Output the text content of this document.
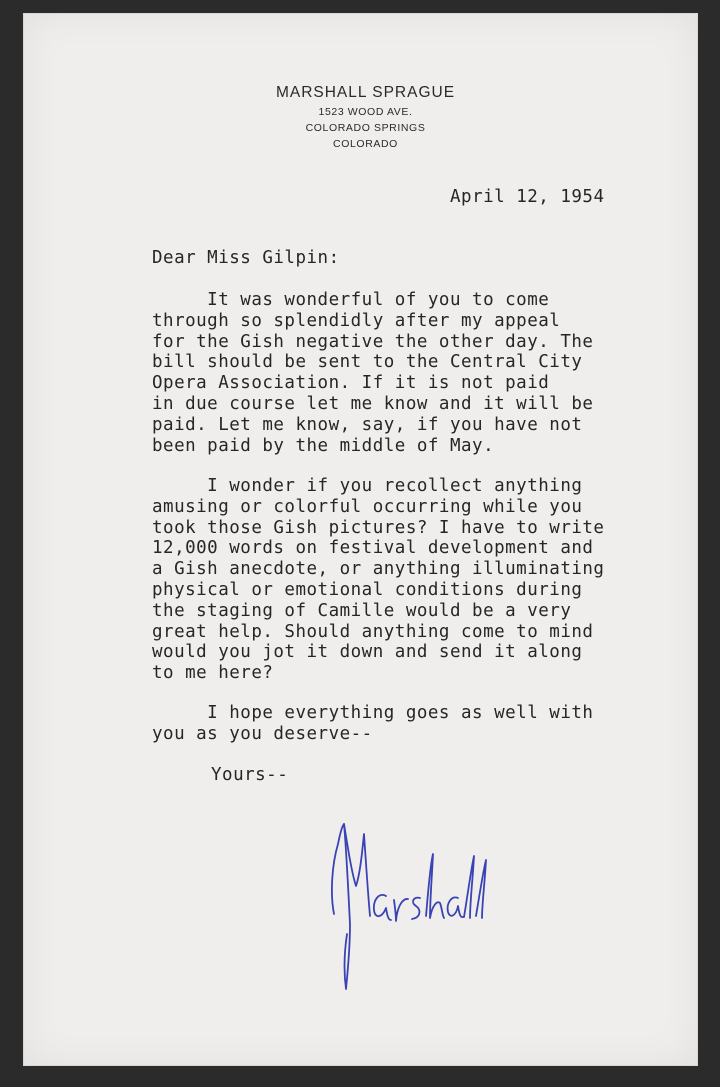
MARSHALL SPRAGUE
1523 WOOD AVE.
COLORADO SPRINGS
COLORADO
April 12, 1954
Dear Miss Gilpin:
It was wonderful of you to come
through so splendidly after my appeal
for the Gish negative the other day. The
bill should be sent to the Central City
Opera Association. If it is not paid
in due course let me know and it will be
paid. Let me know, say, if you have not
been paid by the middle of May.
I wonder if you recollect anything
amusing or colorful occurring while you
took those Gish pictures? I have to write
12,000 words on festival development and
a Gish anecdote, or anything illuminating
physical or emotional conditions during
the staging of Camille would be a very
great help. Should anything come to mind
would you jot it down and send it along
to me here?
I hope everything goes as well with
you as you deserve--
Yours--
